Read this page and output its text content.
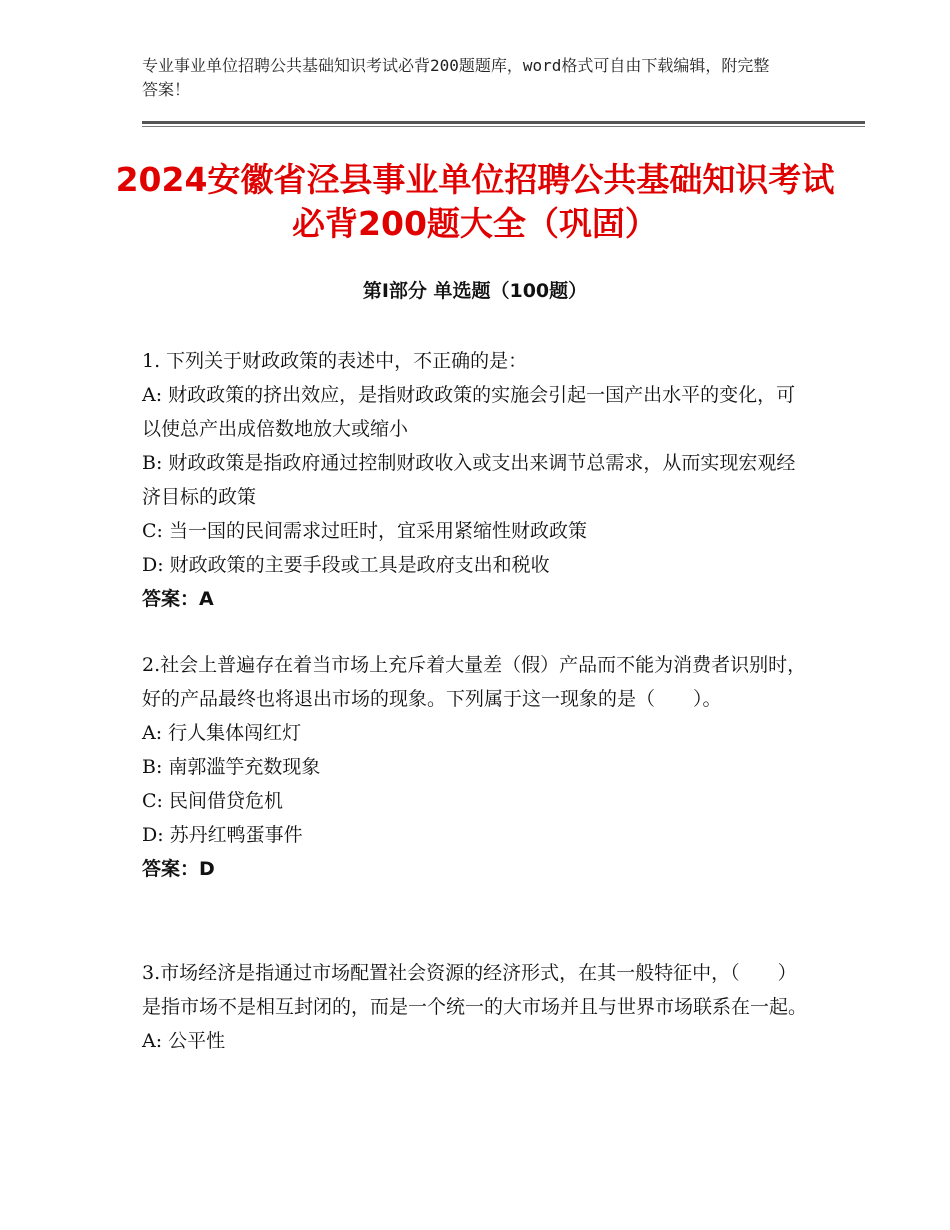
专业事业单位招聘公共基础知识考试必背200题题库，word格式可自由下载编辑，附完整答案！
2024安徽省泾县事业单位招聘公共基础知识考试必背200题大全（巩固）
第Ⅰ部分 单选题（100题）

1. 下列关于财政政策的表述中，不正确的是：

A: 财政政策的挤出效应，是指财政政策的实施会引起一国产出水平的变化，可以使总产出成倍数地放大或缩小

B: 财政政策是指政府通过控制财政收入或支出来调节总需求，从而实现宏观经济目标的政策

C: 当一国的民间需求过旺时，宜采用紧缩性财政政策

D: 财政政策的主要手段或工具是政府支出和税收

答案：A

2.社会上普遍存在着当市场上充斥着大量差（假）产品而不能为消费者识别时，好的产品最终也将退出市场的现象。下列属于这一现象的是（　　）。

A: 行人集体闯红灯

B: 南郭滥竽充数现象

C: 民间借贷危机

D: 苏丹红鸭蛋事件

答案：D

3.市场经济是指通过市场配置社会资源的经济形式，在其一般特征中，（　　）是指市场不是相互封闭的，而是一个统一的大市场并且与世界市场联系在一起。

A: 公平性
